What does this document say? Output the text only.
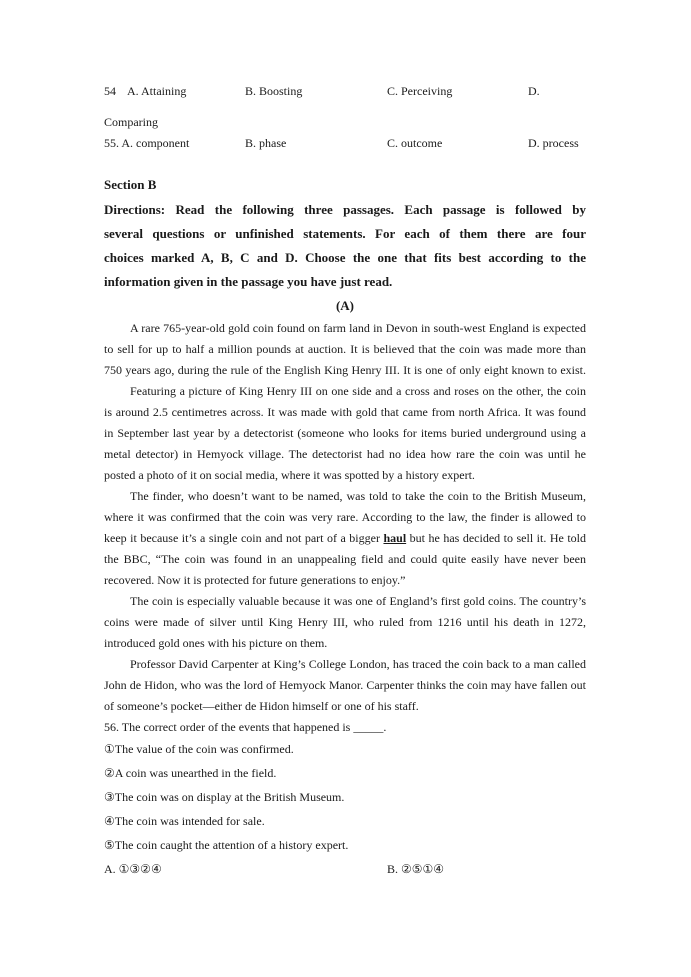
54 A. Attaining	B. Boosting	C. Perceiving	D.
Comparing
55. A. component	B. phase	C. outcome	D. process
Section B
Directions: Read the following three passages. Each passage is followed by
several questions or unfinished statements. For each of them there are four
choices marked A, B, C and D. Choose the one that fits best according to the
information given in the passage you have just read.
(A)
A rare 765-year-old gold coin found on farm land in Devon in south-west England is expected
to sell for up to half a million pounds at auction. It is believed that the coin was made more than
750 years ago, during the rule of the English King Henry III. It is one of only eight known to exist.
Featuring a picture of King Henry III on one side and a cross and roses on the other, the coin
is around 2.5 centimetres across. It was made with gold that came from north Africa. It was found
in September last year by a detectorist (someone who looks for items buried underground using a
metal detector) in Hemyock village. The detectorist had no idea how rare the coin was until he
posted a photo of it on social media, where it was spotted by a history expert.
The finder, who doesn’t want to be named, was told to take the coin to the British Museum,
where it was confirmed that the coin was very rare. According to the law, the finder is allowed to
keep it because it’s a single coin and not part of a bigger haul but he has decided to sell it. He told
the BBC, “The coin was found in an unappealing field and could quite easily have never been
recovered. Now it is protected for future generations to enjoy.”
The coin is especially valuable because it was one of England’s first gold coins. The country’s
coins were made of silver until King Henry III, who ruled from 1216 until his death in 1272,
introduced gold ones with his picture on them.
Professor David Carpenter at King’s College London, has traced the coin back to a man called
John de Hidon, who was the lord of Hemyock Manor. Carpenter thinks the coin may have fallen out
of someone’s pocket—either de Hidon himself or one of his staff.
56. The correct order of the events that happened is _____.
①The value of the coin was confirmed.
②A coin was unearthed in the field.
③The coin was on display at the British Museum.
④The coin was intended for sale.
⑤The coin caught the attention of a history expert.
A. ①③②④	B. ②⑤①④
